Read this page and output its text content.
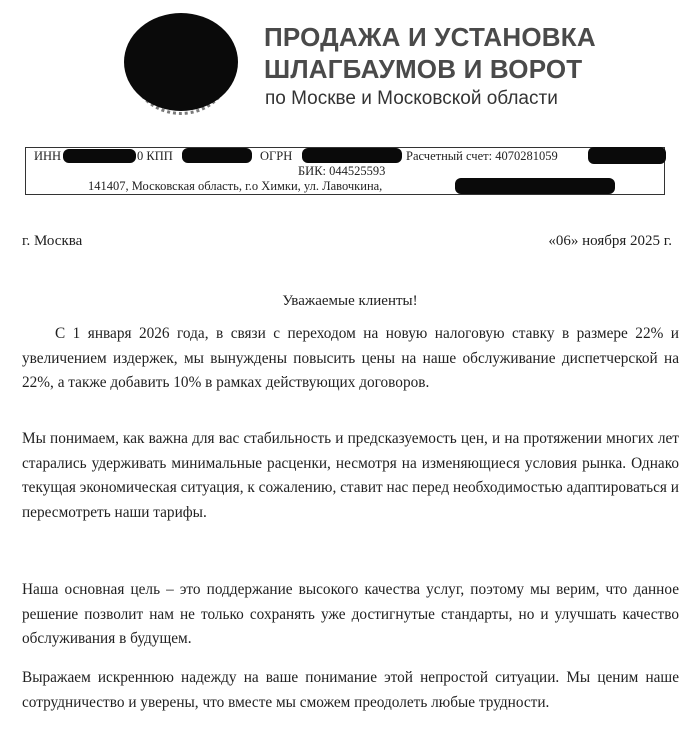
ПРОДАЖА И УСТАНОВКА
ШЛАГБАУМОВ И ВОРОТ
по Москве и Московской области
ИНН	0 КПП	ОГРН	Расчетный счет: 4070281059
БИК: 044525593
141407, Московская область, г.о Химки, ул. Лавочкина,
г. Москва	«06» ноября 2025 г.
Уважаемые клиенты!

С 1 января 2026 года, в связи с переходом на новую налоговую ставку в размере 22% и увеличением издержек, мы вынуждены повысить цены на наше обслуживание диспетчерской на 22%, а также добавить 10% в рамках действующих договоров.

Мы понимаем, как важна для вас стабильность и предсказуемость цен, и на протяжении многих лет старались удерживать минимальные расценки, несмотря на изменяющиеся условия рынка. Однако текущая экономическая ситуация, к сожалению, ставит нас перед необходимостью адаптироваться и пересмотреть наши тарифы.

Наша основная цель – это поддержание высокого качества услуг, поэтому мы верим, что данное решение позволит нам не только сохранять уже достигнутые стандарты, но и улучшать качество обслуживания в будущем.

Выражаем искреннюю надежду на ваше понимание этой непростой ситуации. Мы ценим наше сотрудничество и уверены, что вместе мы сможем преодолеть любые трудности.
